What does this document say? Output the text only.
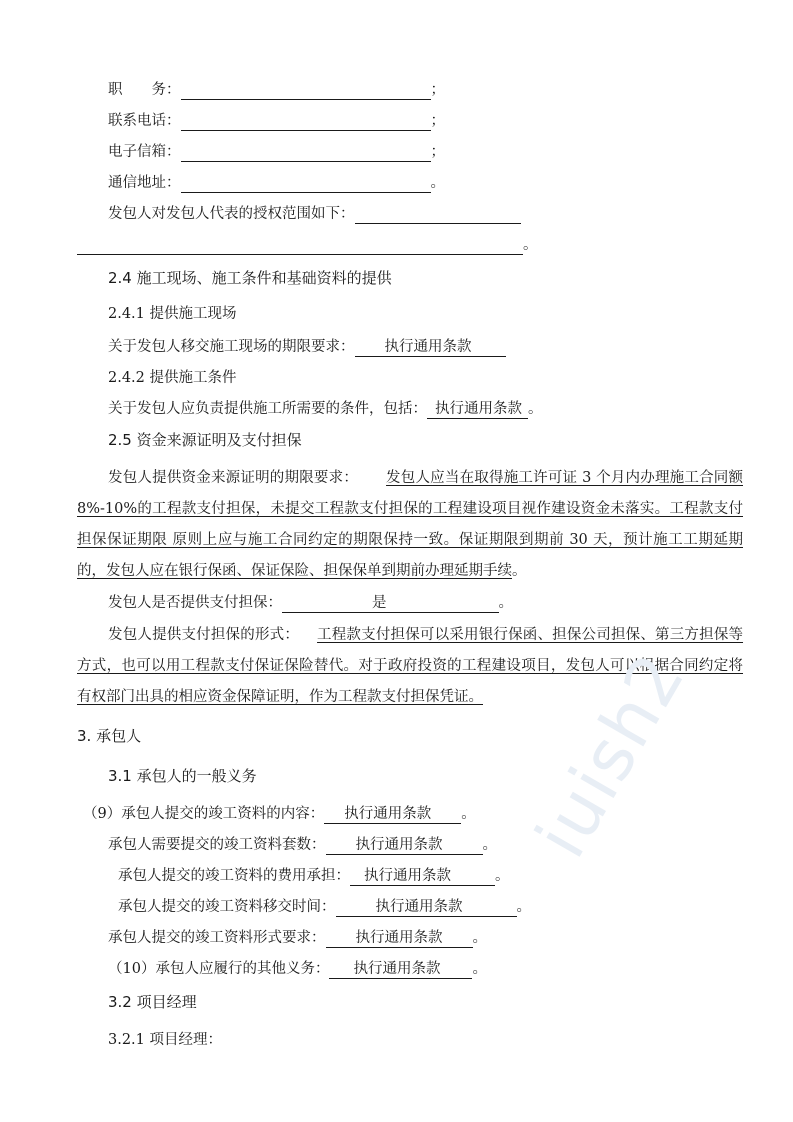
职　　务：	；
联系电话：	；
电子信箱：	；
通信地址：	。
发包人对发包人代表的授权范围如下：
。
2.4 施工现场、施工条件和基础资料的提供
2.4.1 提供施工现场
关于发包人移交施工现场的期限要求： 执行通用条款
2.4.2 提供施工条件
关于发包人应负责提供施工所需要的条件，包括： 执行通用条款 。
2.5 资金来源证明及支付担保
发包人提供资金来源证明的期限要求： 发包人应当在取得施工许可证 3 个月内办理施工合同额 8%-10%的工程款支付担保，未提交工程款支付担保的工程建设项目视作建设资金未落实。工程款支付担保保证期限 原则上应与施工合同约定的期限保持一致。保证期限到期前 30 天，预计施工工期延期的，发包人应在银行保函、保证保险、担保保单到期前办理延期手续。
发包人是否提供支付担保：	是	。
发包人提供支付担保的形式： 工程款支付担保可以采用银行保函、担保公司担保、第三方担保等方式，也可以用工程款支付保证保险替代。对于政府投资的工程建设项目，发包人可以根据合同约定将有权部门出具的相应资金保障证明，作为工程款支付担保凭证。
3. 承包人
3.1 承包人的一般义务
（9）承包人提交的竣工资料的内容： 执行通用条款 。
承包人需要提交的竣工资料套数： 执行通用条款	。
承包人提交的竣工资料的费用承担： 执行通用条款	。
承包人提交的竣工资料移交时间：	执行通用条款	。
承包人提交的竣工资料形式要求： 执行通用条款 。
（10）承包人应履行的其他义务： 执行通用条款 。
3.2 项目经理
3.2.1 项目经理：
iuish2
